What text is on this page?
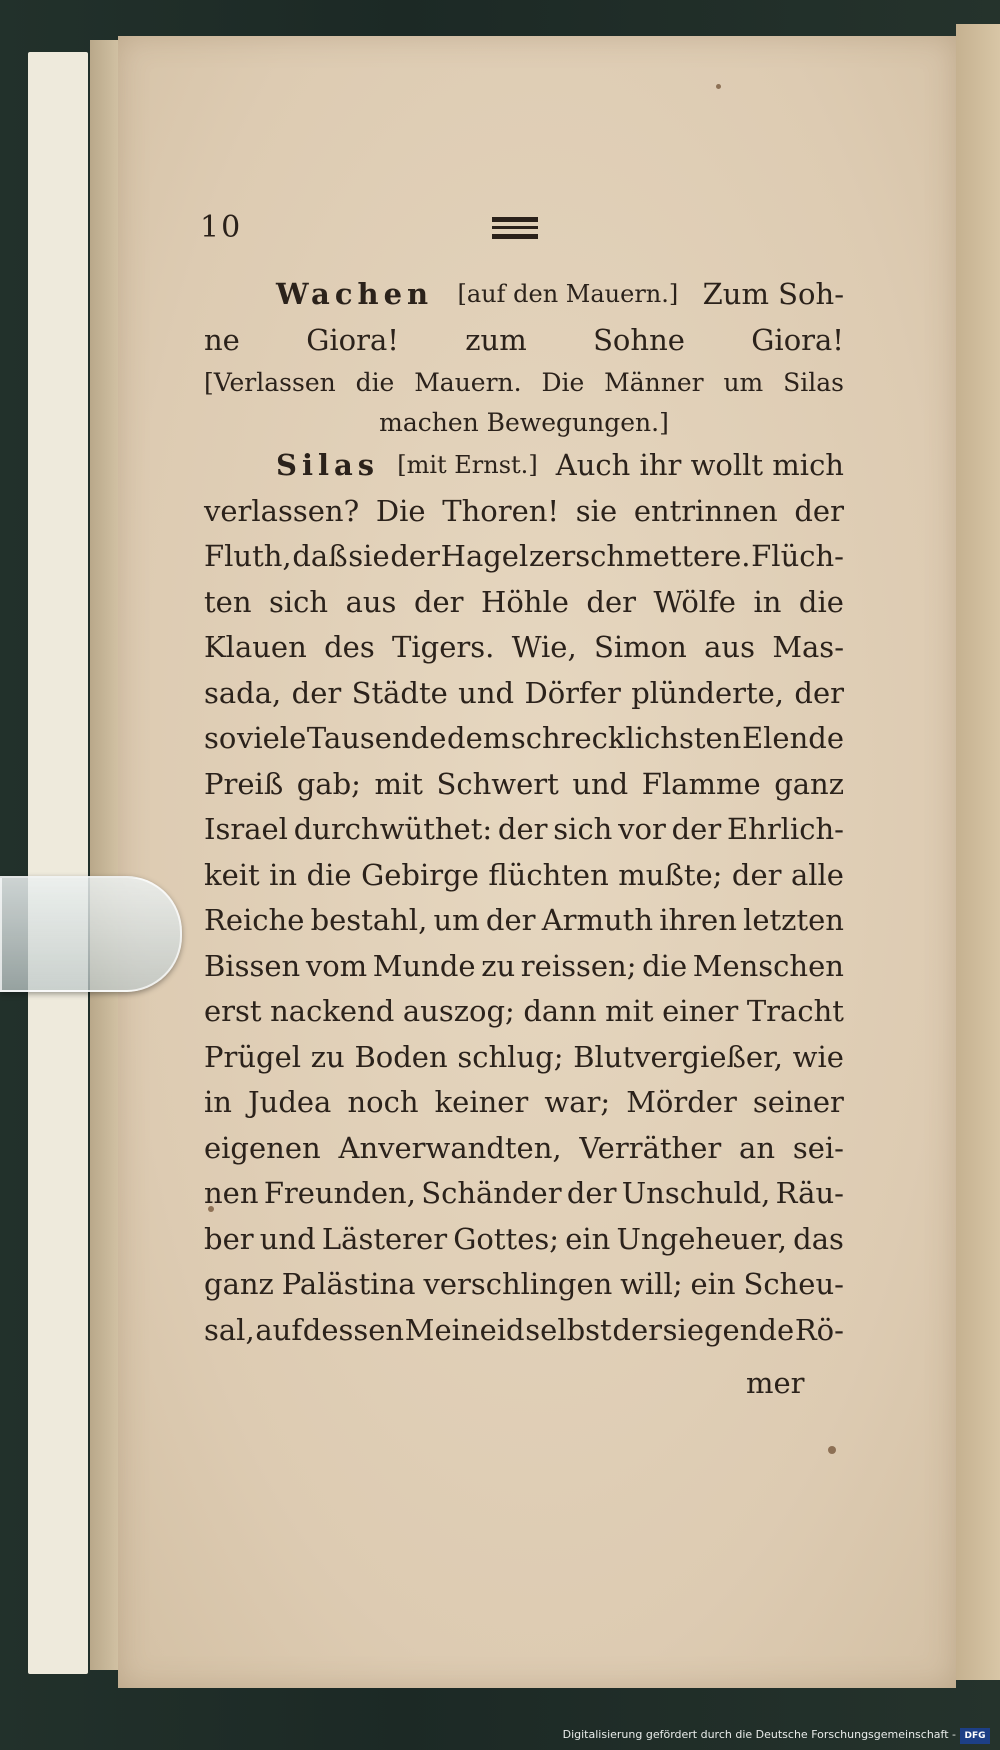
10
Wachen [auf den Mauern.] Zum Soh-
ne Giora! zum Sohne Giora!
[Verlassen die Mauern. Die Männer um Silas
machen Bewegungen.]
Silas [mit Ernst.] Auch ihr wollt mich
verlassen? Die Thoren! sie entrinnen der
Fluth, daß sie der Hagel zerschmettere. Flüch-
ten sich aus der Höhle der Wölfe in die
Klauen des Tigers. Wie, Simon aus Mas-
sada, der Städte und Dörfer plünderte, der
so viele Tausende dem schrecklichsten Elende
Preiß gab; mit Schwert und Flamme ganz
Israel durchwüthet: der sich vor der Ehrlich-
keit in die Gebirge flüchten mußte; der alle
Reiche bestahl, um der Armuth ihren letzten
Bissen vom Munde zu reissen; die Menschen
erst nackend auszog; dann mit einer Tracht
Prügel zu Boden schlug; Blutvergießer, wie
in Judea noch keiner war; Mörder seiner
eigenen Anverwandten, Verräther an sei-
nen Freunden, Schänder der Unschuld, Räu-
ber und Lästerer Gottes; ein Ungeheuer, das
ganz Palästina verschlingen will; ein Scheu-
sal, auf dessen Meineid selbst der siegende Rö-
mer
Digitalisierung gefördert durch die Deutsche Forschungsgemeinschaft - DFG
